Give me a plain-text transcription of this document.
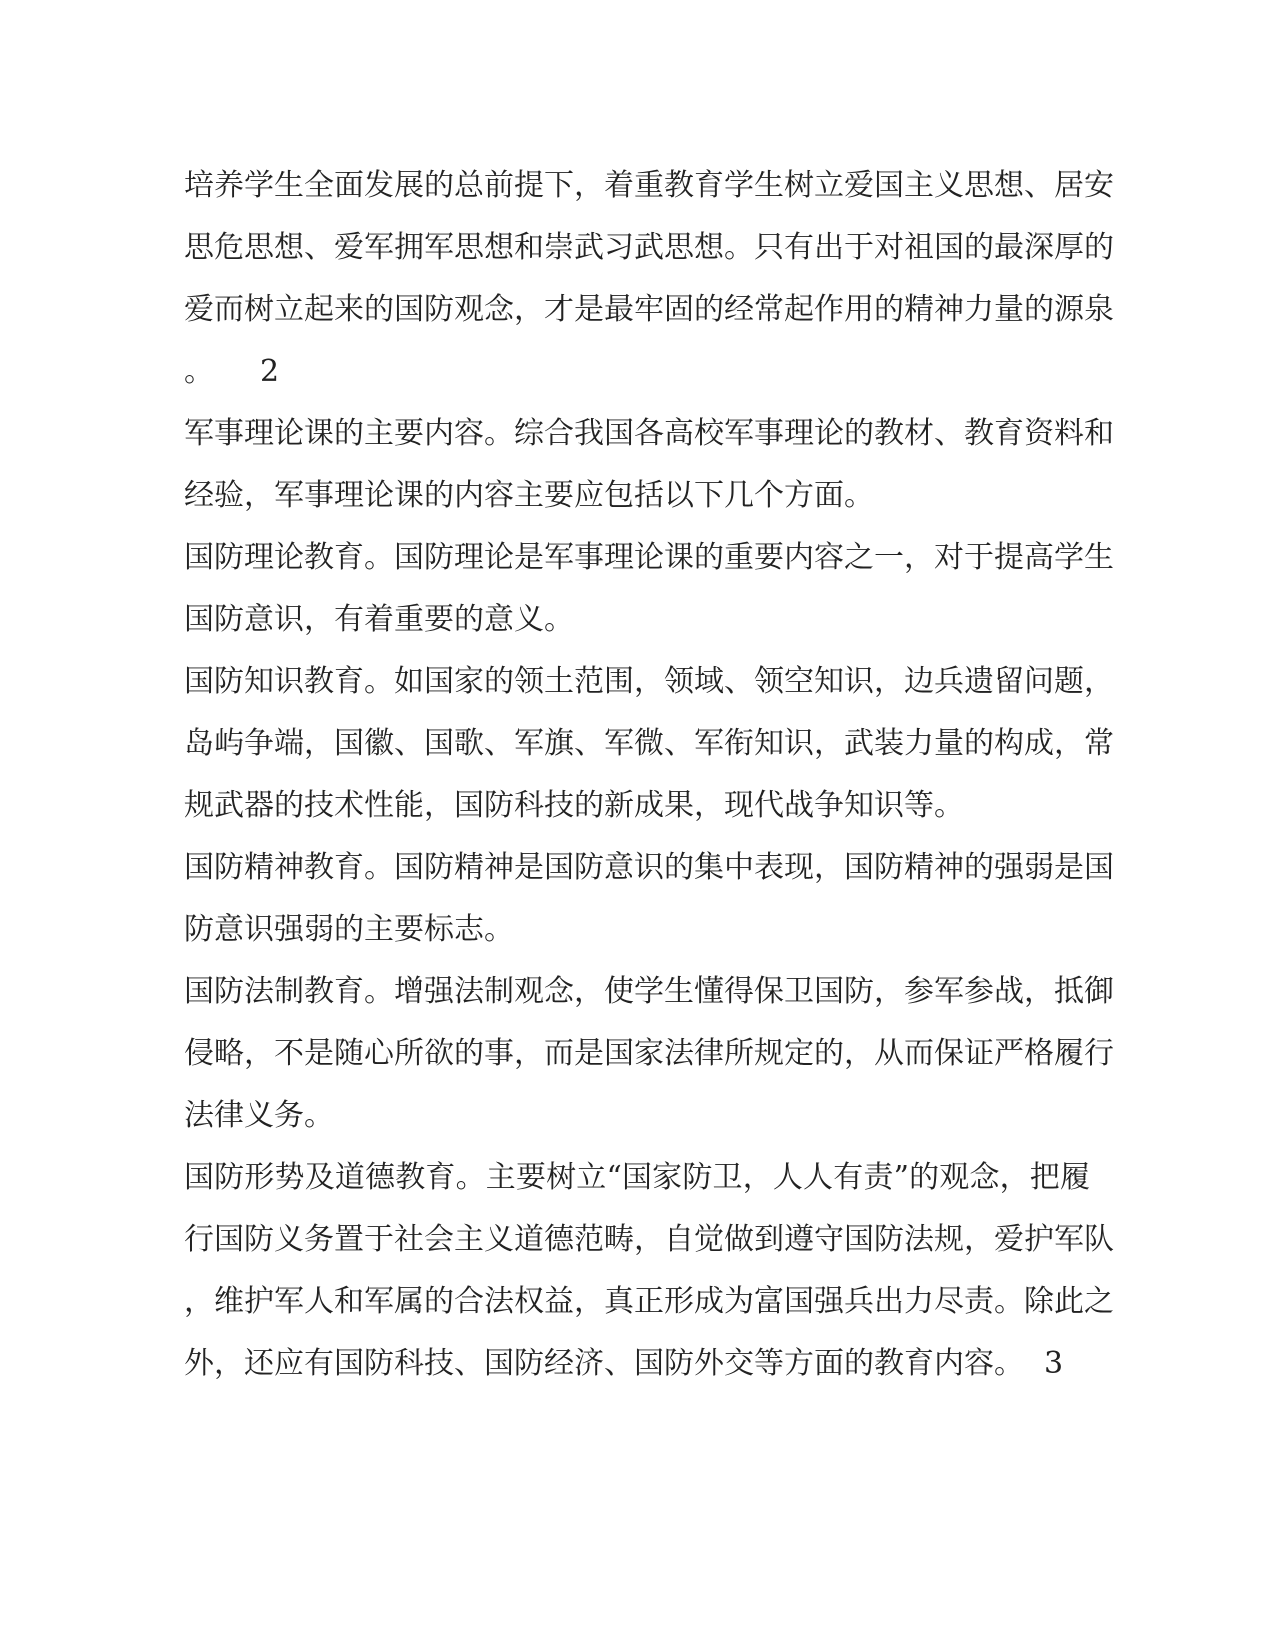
培养学生全面发展的总前提下，着重教育学生树立爱国主义思想、居安
思危思想、爱军拥军思想和崇武习武思想。只有出于对祖国的最深厚的
爱而树立起来的国防观念，才是最牢固的经常起作用的精神力量的源泉
。	2
军事理论课的主要内容。综合我国各高校军事理论的教材、教育资料和
经验，军事理论课的内容主要应包括以下几个方面。
国防理论教育。国防理论是军事理论课的重要内容之一，对于提高学生
国防意识，有着重要的意义。
国防知识教育。如国家的领土范围，领域、领空知识，边兵遗留问题，
岛屿争端，国徽、国歌、军旗、军微、军衔知识，武装力量的构成，常
规武器的技术性能，国防科技的新成果，现代战争知识等。
国防精神教育。国防精神是国防意识的集中表现，国防精神的强弱是国
防意识强弱的主要标志。
国防法制教育。增强法制观念，使学生懂得保卫国防，参军参战，抵御
侵略，不是随心所欲的事，而是国家法律所规定的，从而保证严格履行
法律义务。
国防形势及道德教育。主要树立“国家防卫，人人有责”的观念，把履
行国防义务置于社会主义道德范畴，自觉做到遵守国防法规，爱护军队
，维护军人和军属的合法权益，真正形成为富国强兵出力尽责。除此之
外，还应有国防科技、国防经济、国防外交等方面的教育内容。 3
